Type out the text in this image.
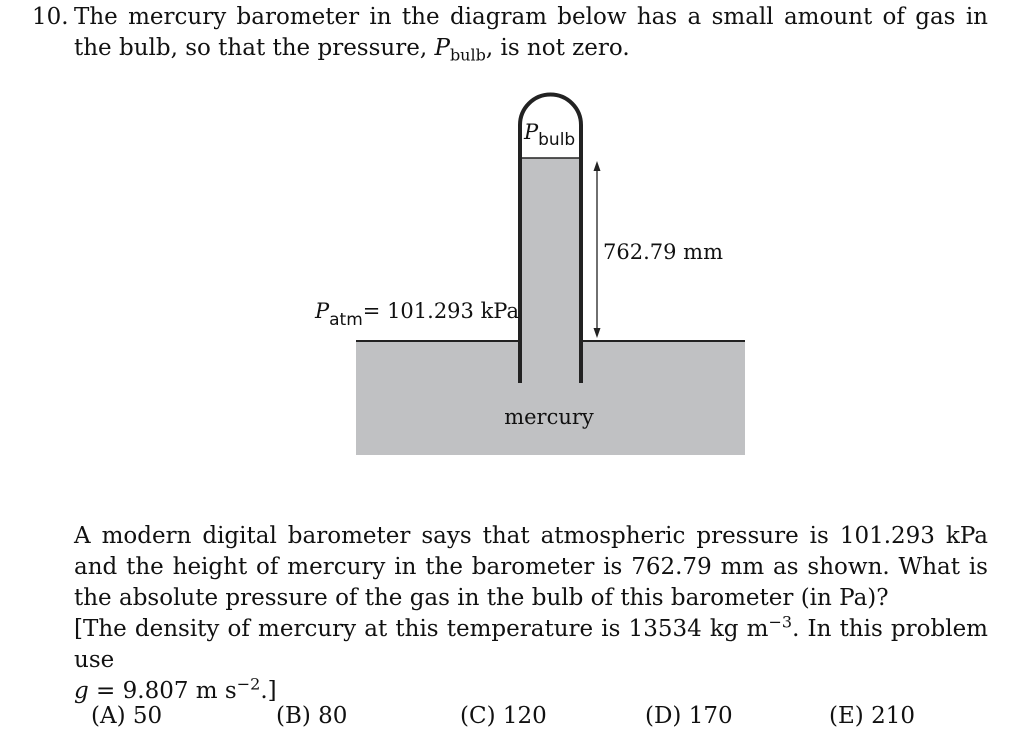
10. The mercury barometer in the diagram below has a small amount of gas in the bulb, so that the pressure, $P_{bulb}$, is not zero.
$P_{bulb}$
762.79 mm
$P_{atm}= 101.293$ kPa
mercury

A modern digital barometer says that atmospheric pressure is 101.293 kPa and the height of mercury in the barometer is 762.79 mm as shown. What is the absolute pressure of the gas in the bulb of this barometer (in Pa)?

[The density of mercury at this temperature is 13534 kg $m^{-3}$. In this problem use
g = 9.807 m $s^{-2}$.]

(A) 50	(B) 80	(C) 120	(D) 170	(E) 210
